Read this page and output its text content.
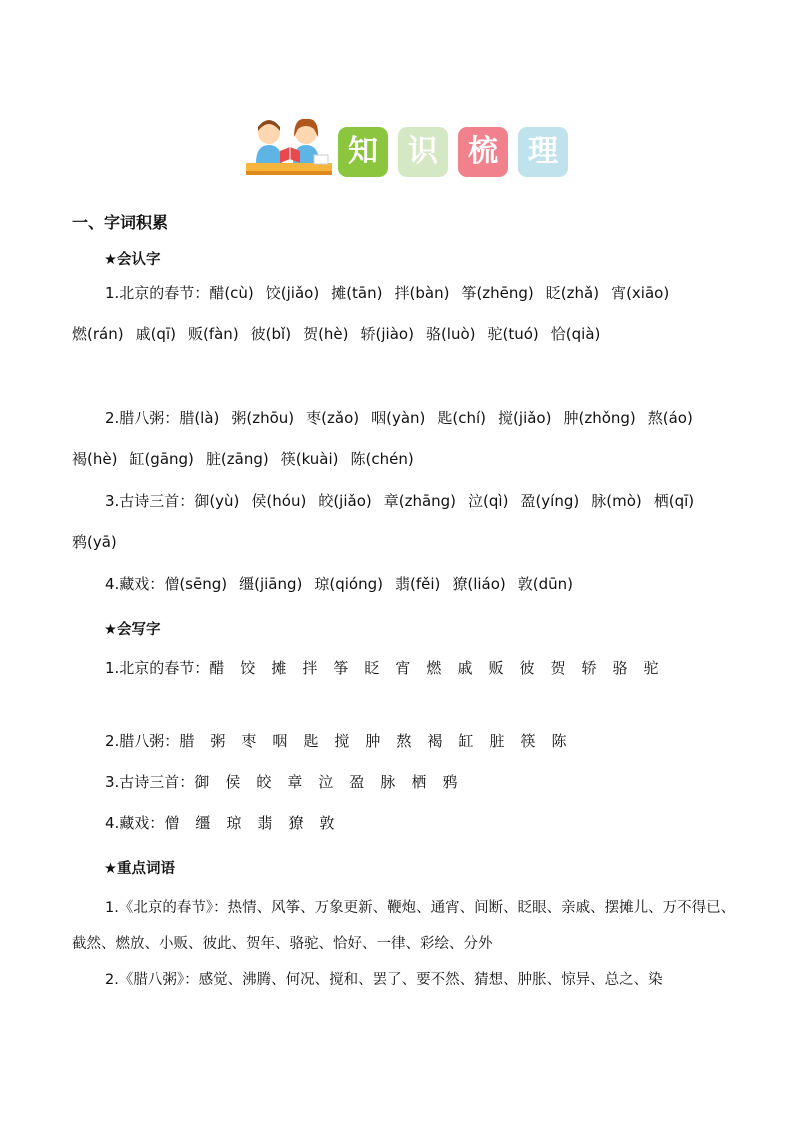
知	识	梳	理
一、字词积累
★会认字
1.北京的春节：醋(cù) 饺(jiǎo) 摊(tān) 拌(bàn) 筝(zhēng) 眨(zhǎ) 宵(xiāo)燃(rán) 戚(qī) 贩(fàn) 彼(bǐ) 贺(hè) 轿(jiào) 骆(luò) 驼(tuó) 恰(qià)
2.腊八粥：腊(là) 粥(zhōu) 枣(zǎo) 咽(yàn) 匙(chí) 搅(jiǎo) 肿(zhǒng) 熬(áo)褐(hè) 缸(gāng) 脏(zāng) 筷(kuài) 陈(chén)
3.古诗三首：御(yù) 侯(hóu) 皎(jiǎo) 章(zhāng) 泣(qì) 盈(yíng) 脉(mò) 栖(qī)鸦(yā)
4.藏戏：僧(sēng) 缰(jiāng) 琼(qióng) 翡(fěi) 獠(liáo) 敦(dūn)
★会写字
1.北京的春节：醋 饺 摊 拌 筝 眨 宵 燃 戚 贩 彼 贺 轿 骆 驼
2.腊八粥：腊 粥 枣 咽 匙 搅 肿 熬 褐 缸 脏 筷 陈
3.古诗三首：御 侯 皎 章 泣 盈 脉 栖 鸦
4.藏戏：僧 缰 琼 翡 獠 敦
★重点词语
1.《北京的春节》：热情、风筝、万象更新、鞭炮、通宵、间断、眨眼、亲戚、摆摊儿、万不得已、截然、燃放、小贩、彼此、贺年、骆驼、恰好、一律、彩绘、分外
2.《腊八粥》：感觉、沸腾、何况、搅和、罢了、要不然、猜想、肿胀、惊异、总之、染
